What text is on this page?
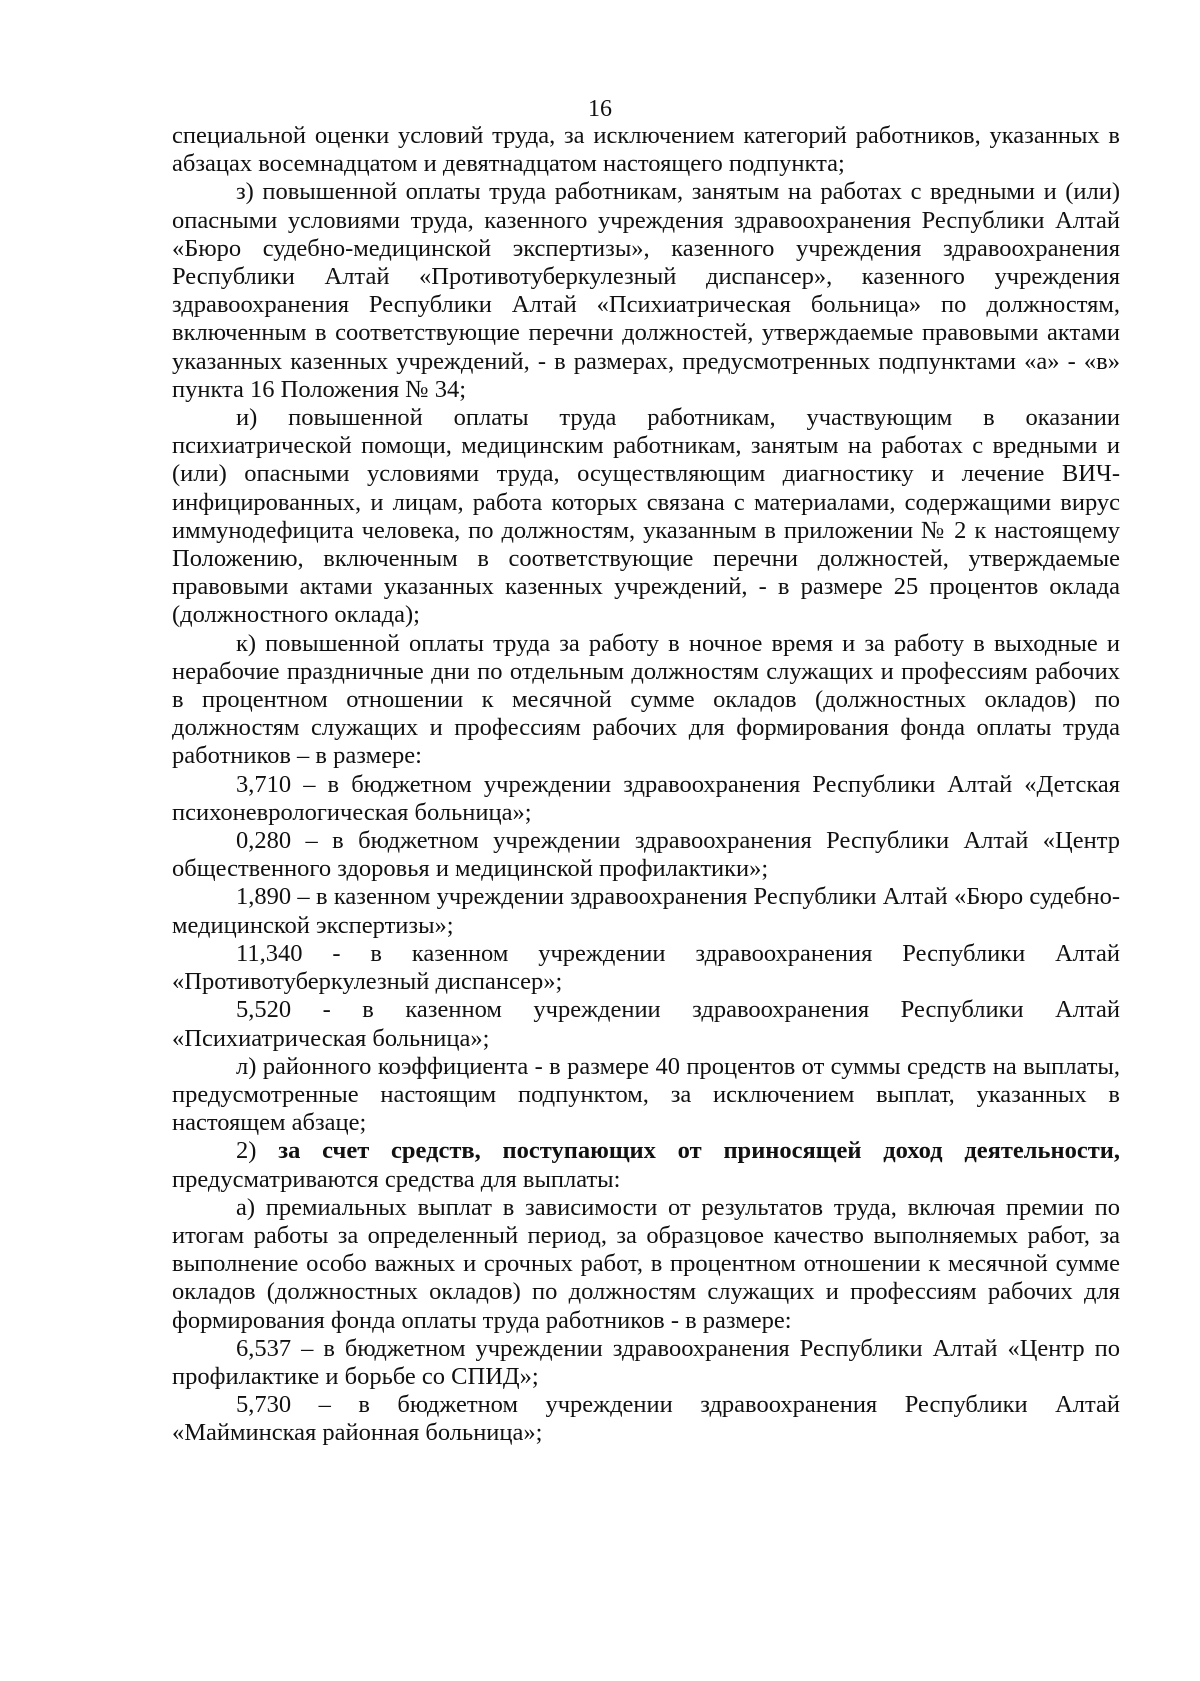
16

специальной оценки условий труда, за исключением категорий работников, указанных в абзацах восемнадцатом и девятнадцатом настоящего подпункта;

з) повышенной оплаты труда работникам, занятым на работах с вредными и (или) опасными условиями труда, казенного учреждения здравоохранения Республики Алтай «Бюро судебно-медицинской экспертизы», казенного учреждения здравоохранения Республики Алтай «Противотуберкулезный диспансер», казенного учреждения здравоохранения Республики Алтай «Психиатрическая больница» по должностям, включенным в соответствующие перечни должностей, утверждаемые правовыми актами указанных казенных учреждений, - в размерах, предусмотренных подпунктами «а» - «в» пункта 16 Положения № 34;

и) повышенной оплаты труда работникам, участвующим в оказании психиатрической помощи, медицинским работникам, занятым на работах с вредными и (или) опасными условиями труда, осуществляющим диагностику и лечение ВИЧ-инфицированных, и лицам, работа которых связана с материалами, содержащими вирус иммунодефицита человека, по должностям, указанным в приложении № 2 к настоящему Положению, включенным в соответствующие перечни должностей, утверждаемые правовыми актами указанных казенных учреждений, - в размере 25 процентов оклада (должностного оклада);

к) повышенной оплаты труда за работу в ночное время и за работу в выходные и нерабочие праздничные дни по отдельным должностям служащих и профессиям рабочих в процентном отношении к месячной сумме окладов (должностных окладов) по должностям служащих и профессиям рабочих для формирования фонда оплаты труда работников – в размере:

3,710 – в бюджетном учреждении здравоохранения Республики Алтай «Детская психоневрологическая больница»;

0,280 – в бюджетном учреждении здравоохранения Республики Алтай «Центр общественного здоровья и медицинской профилактики»;

1,890 – в казенном учреждении здравоохранения Республики Алтай «Бюро судебно-медицинской экспертизы»;

11,340 - в казенном учреждении здравоохранения Республики Алтай «Противотуберкулезный диспансер»;

5,520 - в казенном учреждении здравоохранения Республики Алтай «Психиатрическая больница»;

л) районного коэффициента - в размере 40 процентов от суммы средств на выплаты, предусмотренные настоящим подпунктом, за исключением выплат, указанных в настоящем абзаце;

2) за счет средств, поступающих от приносящей доход деятельности, предусматриваются средства для выплаты:

а) премиальных выплат в зависимости от результатов труда, включая премии по итогам работы за определенный период, за образцовое качество выполняемых работ, за выполнение особо важных и срочных работ, в процентном отношении к месячной сумме окладов (должностных окладов) по должностям служащих и профессиям рабочих для формирования фонда оплаты труда работников - в размере:

6,537 – в бюджетном учреждении здравоохранения Республики Алтай «Центр по профилактике и борьбе со СПИД»;

5,730 – в бюджетном учреждении здравоохранения Республики Алтай «Майминская районная больница»;
